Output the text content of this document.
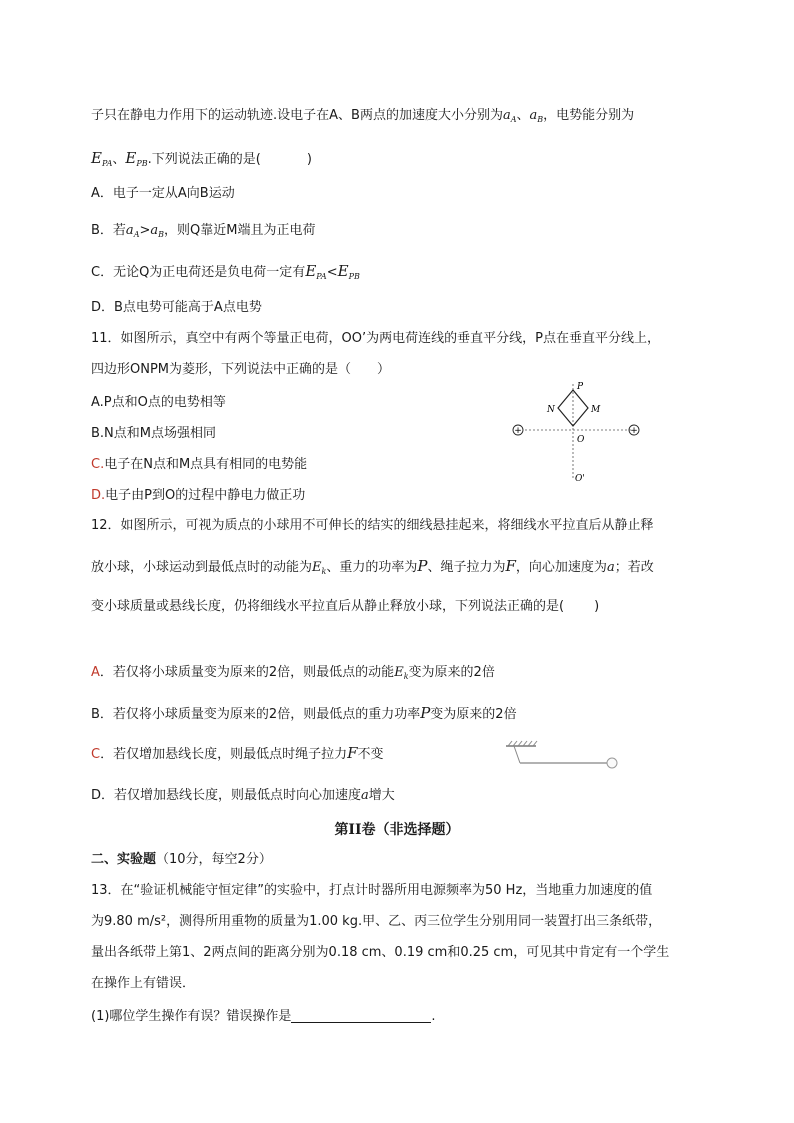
子只在静电力作用下的运动轨迹.设电子在A、B两点的加速度大小分别为$a_A$、$a_B$，电势能分别为
$E_{PA}$、$E_{PB}$.下列说法正确的是(	)
A．电子一定从A向B运动
B．若$a_A>a_B$，则Q靠近M端且为正电荷
C．无论Q为正电荷还是负电荷一定有$E_{PA}<E_{PB}$
D．B点电势可能高于A点电势
11．如图所示，真空中有两个等量正电荷，OO’为两电荷连线的垂直平分线，P点在垂直平分线上，
四边形ONPM为菱形，下列说法中正确的是（　　）
A.P点和O点的电势相等
B.N点和M点场强相同
C.电子在N点和M点具有相同的电势能
D.电子由P到O的过程中静电力做正功
+	+
P
N	M
O
O'
12．如图所示，可视为质点的小球用不可伸长的结实的细线悬挂起来，将细线水平拉直后从静止释
放小球，小球运动到最低点时的动能为$E_k$、重力的功率为P、绳子拉力为F，向心加速度为a；若改
变小球质量或悬线长度，仍将细线水平拉直后从静止释放小球，下列说法正确的是( )
A．若仅将小球质量变为原来的2倍，则最低点的动能$E_k$变为原来的2倍
B．若仅将小球质量变为原来的2倍，则最低点的重力功率P变为原来的2倍
C．若仅增加悬线长度，则最低点时绳子拉力F不变
D．若仅增加悬线长度，则最低点时向心加速度a增大
第II卷（非选择题）
二、实验题（10分，每空2分）
13．在“验证机械能守恒定律”的实验中，打点计时器所用电源频率为50 Hz，当地重力加速度的值
为9.80 m/s²，测得所用重物的质量为1.00 kg.甲、乙、丙三位学生分别用同一装置打出三条纸带，
量出各纸带上第1、2两点间的距离分别为0.18 cm、0.19 cm和0.25 cm，可见其中肯定有一个学生
在操作上有错误．
(1)哪位学生操作有误？错误操作是	.
